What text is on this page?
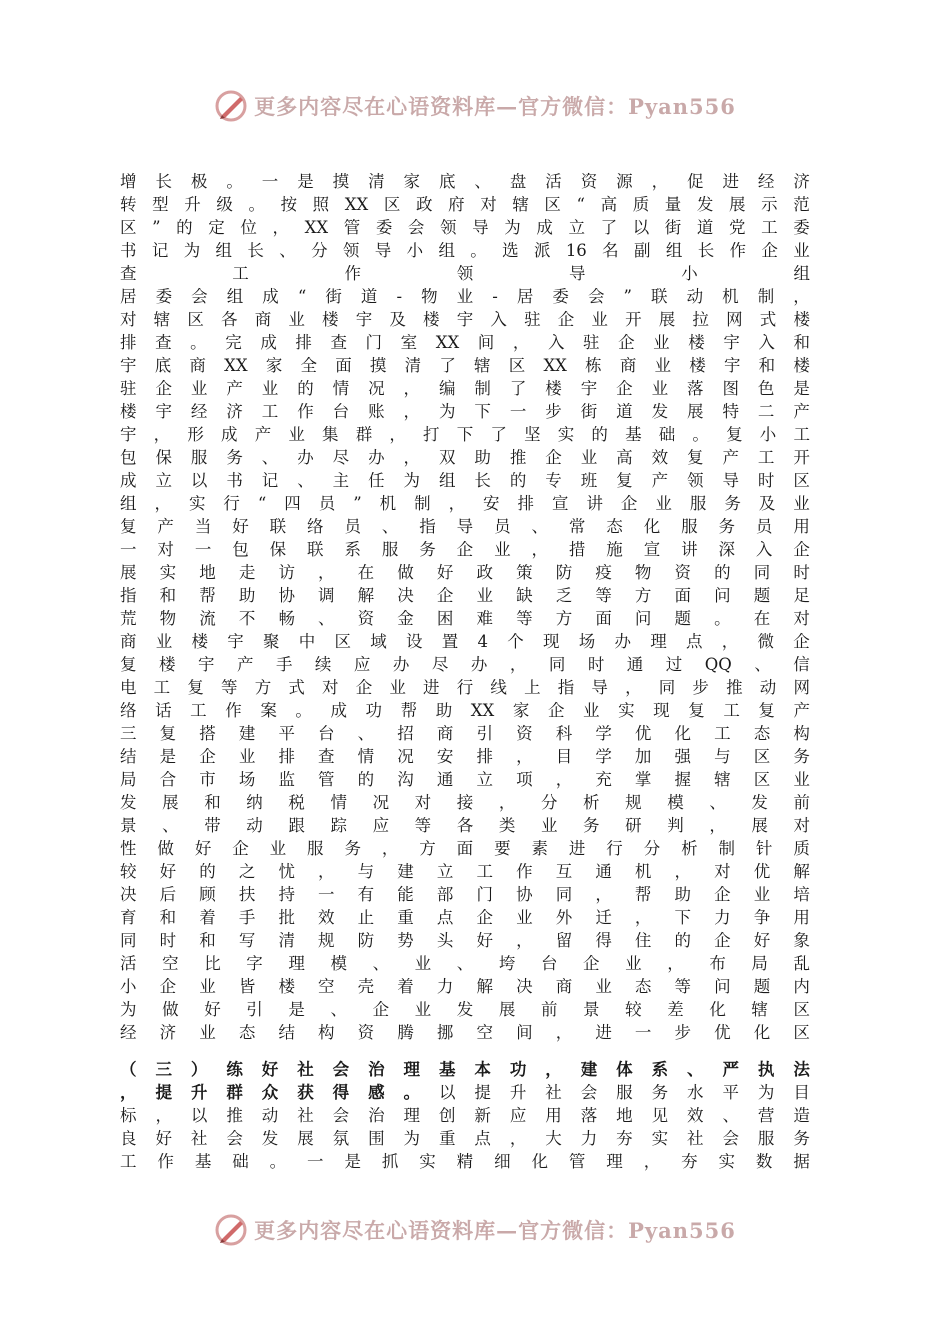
更多内容尽在心语资料库—官方微信：Pyan556
增 长 极 。 一 是 摸 清 家 底 、 盘 活 资 源 ， 促 进 经 济
转 型 升 级 。 按 照 XX 区 政 府 对 辖 区 “ 高 质 量 发 展 示 范
区 ” 的 定 位 ， XX 管 委 会 领 导 为 成 立 了 以 街 道 党 工 委
书 记 为 组 长 、 分 领 导 小 组 。 选 派 16 名 副 组 长 作 企 业
查	工	作	领	导	小	组
居 委 会 组 成 “ 街 道 - 物 业 - 居 委 会 ” 联 动 机 制 ，
对 辖 区 各 商 业 楼 宇 及 楼 宇 入 驻 企 业 开 展 拉 网 式 楼
排 查 。 完 成 排 查 门 室 XX 间 ， 入 驻 企 业 楼 宇 入 和
宇 底 商 XX 家 全 面 摸 清 了 辖 区 XX 栋 商 业 楼 宇 和 楼
驻 企 业 产 业 的 情 况 ， 编 制 了 楼 宇 企 业 落 图 色 是
楼 宇 经 济 工 作 台 账 ， 为 下 一 步 街 道 发 展 特 二 产
宇 ， 形 成 产 业 集 群 ， 打 下 了 坚 实 的 基 础 。 复 小 工
包 保 服 务 、 办 尽 办 ， 双 助 推 企 业 高 效 复 产 工 开
成 立 以 书 记 、 主 任 为 组 长 的 专 班 复 产 领 导 时 区
组 ， 实 行 “ 四 员 ” 机 制 ， 安 排 宣 讲 企 业 服 务 及 业
复 产 当 好 联 络 员 、 指 导 员 、 常 态 化 服 务 员 用
一 对 一 包 保 联 系 服 务 企 业 ， 措 施 宣 讲 深 入 企
展 实 地 走 访 ， 在 做 好 政 策 防 疫 物 资 的 同 时
指 和 帮 助 协 调 解 决 企 业 缺 乏 等 方 面 问 题 足
荒 物 流 不 畅 、 资 金 困 难 等 方 面 问 题 。 在 对
商 业 楼 宇 聚 中 区 域 设 置 4 个 现 场 办 理 点 ， 微 企
复 楼 宇 产 手 续 应 办 尽 办 ， 同 时 通 过 QQ 、 信
电 工 复 等 方 式 对 企 业 进 行 线 上 指 导 ， 同 步 推 动 网
络 话 工 作 案 。 成 功 帮 助 XX 家 企 业 实 现 复 工 复 产
三 复 搭 建 平 台 、 招 商 引 资 科 学 优 化 工 态 构
结 是 企 业 排 查 情 况 安 排 ， 目 学 加 强 与 区 务
局 合 市 场 监 管 的 沟 通 立 项 ， 充 掌 握 辖 区 业
发 展 和 纳 税 情 况 对 接 ， 分 析 规 模 、 发 前
景 、 带 动 跟 踪 应 等 各 类 业 务 研 判 ， 展 对
性 做 好 企 业 服 务 ， 方 面 要 素 进 行 分 析 制 针 质
较 好 的 之 忧 ， 与 建 立 工 作 互 通 机 ， 对 优 解
决 后 顾 扶 持 一 有 能 部 门 协 同 ， 帮 助 企 业 培
育 和 着 手 批 效 止 重 点 企 业 外 迁 ， 下 力 争 用
同 时 和 写 清 规 防 势 头 好 ， 留 得 住 的 企 好 象
活 空 比 字 理 模 、 业 、 垮 台 企 业 ， 布 局 乱
小 企 业 皆 楼 空 壳 着 力 解 决 商 业 态 等 问 题 内
为 做 好 引 是 、 企 业 发 展 前 景 较 差 化 辖 区
经 济 业 态 结 构 资 腾 挪 空 间 ， 进 一 步 优 化 区
（ 三 ） 练 好 社 会 治 理 基 本 功 ， 建 体 系 、 严 执 法
， 提 升 群 众 获 得 感 。 以 提 升 社 会 服 务 水 平 为 目
标 ， 以 推 动 社 会 治 理 创 新 应 用 落 地 见 效 、 营 造
良 好 社 会 发 展 氛 围 为 重 点 ， 大 力 夯 实 社 会 服 务
工 作 基 础 。 一 是 抓 实 精 细 化 管 理 ， 夯 实 数 据
更多内容尽在心语资料库—官方微信：Pyan556
